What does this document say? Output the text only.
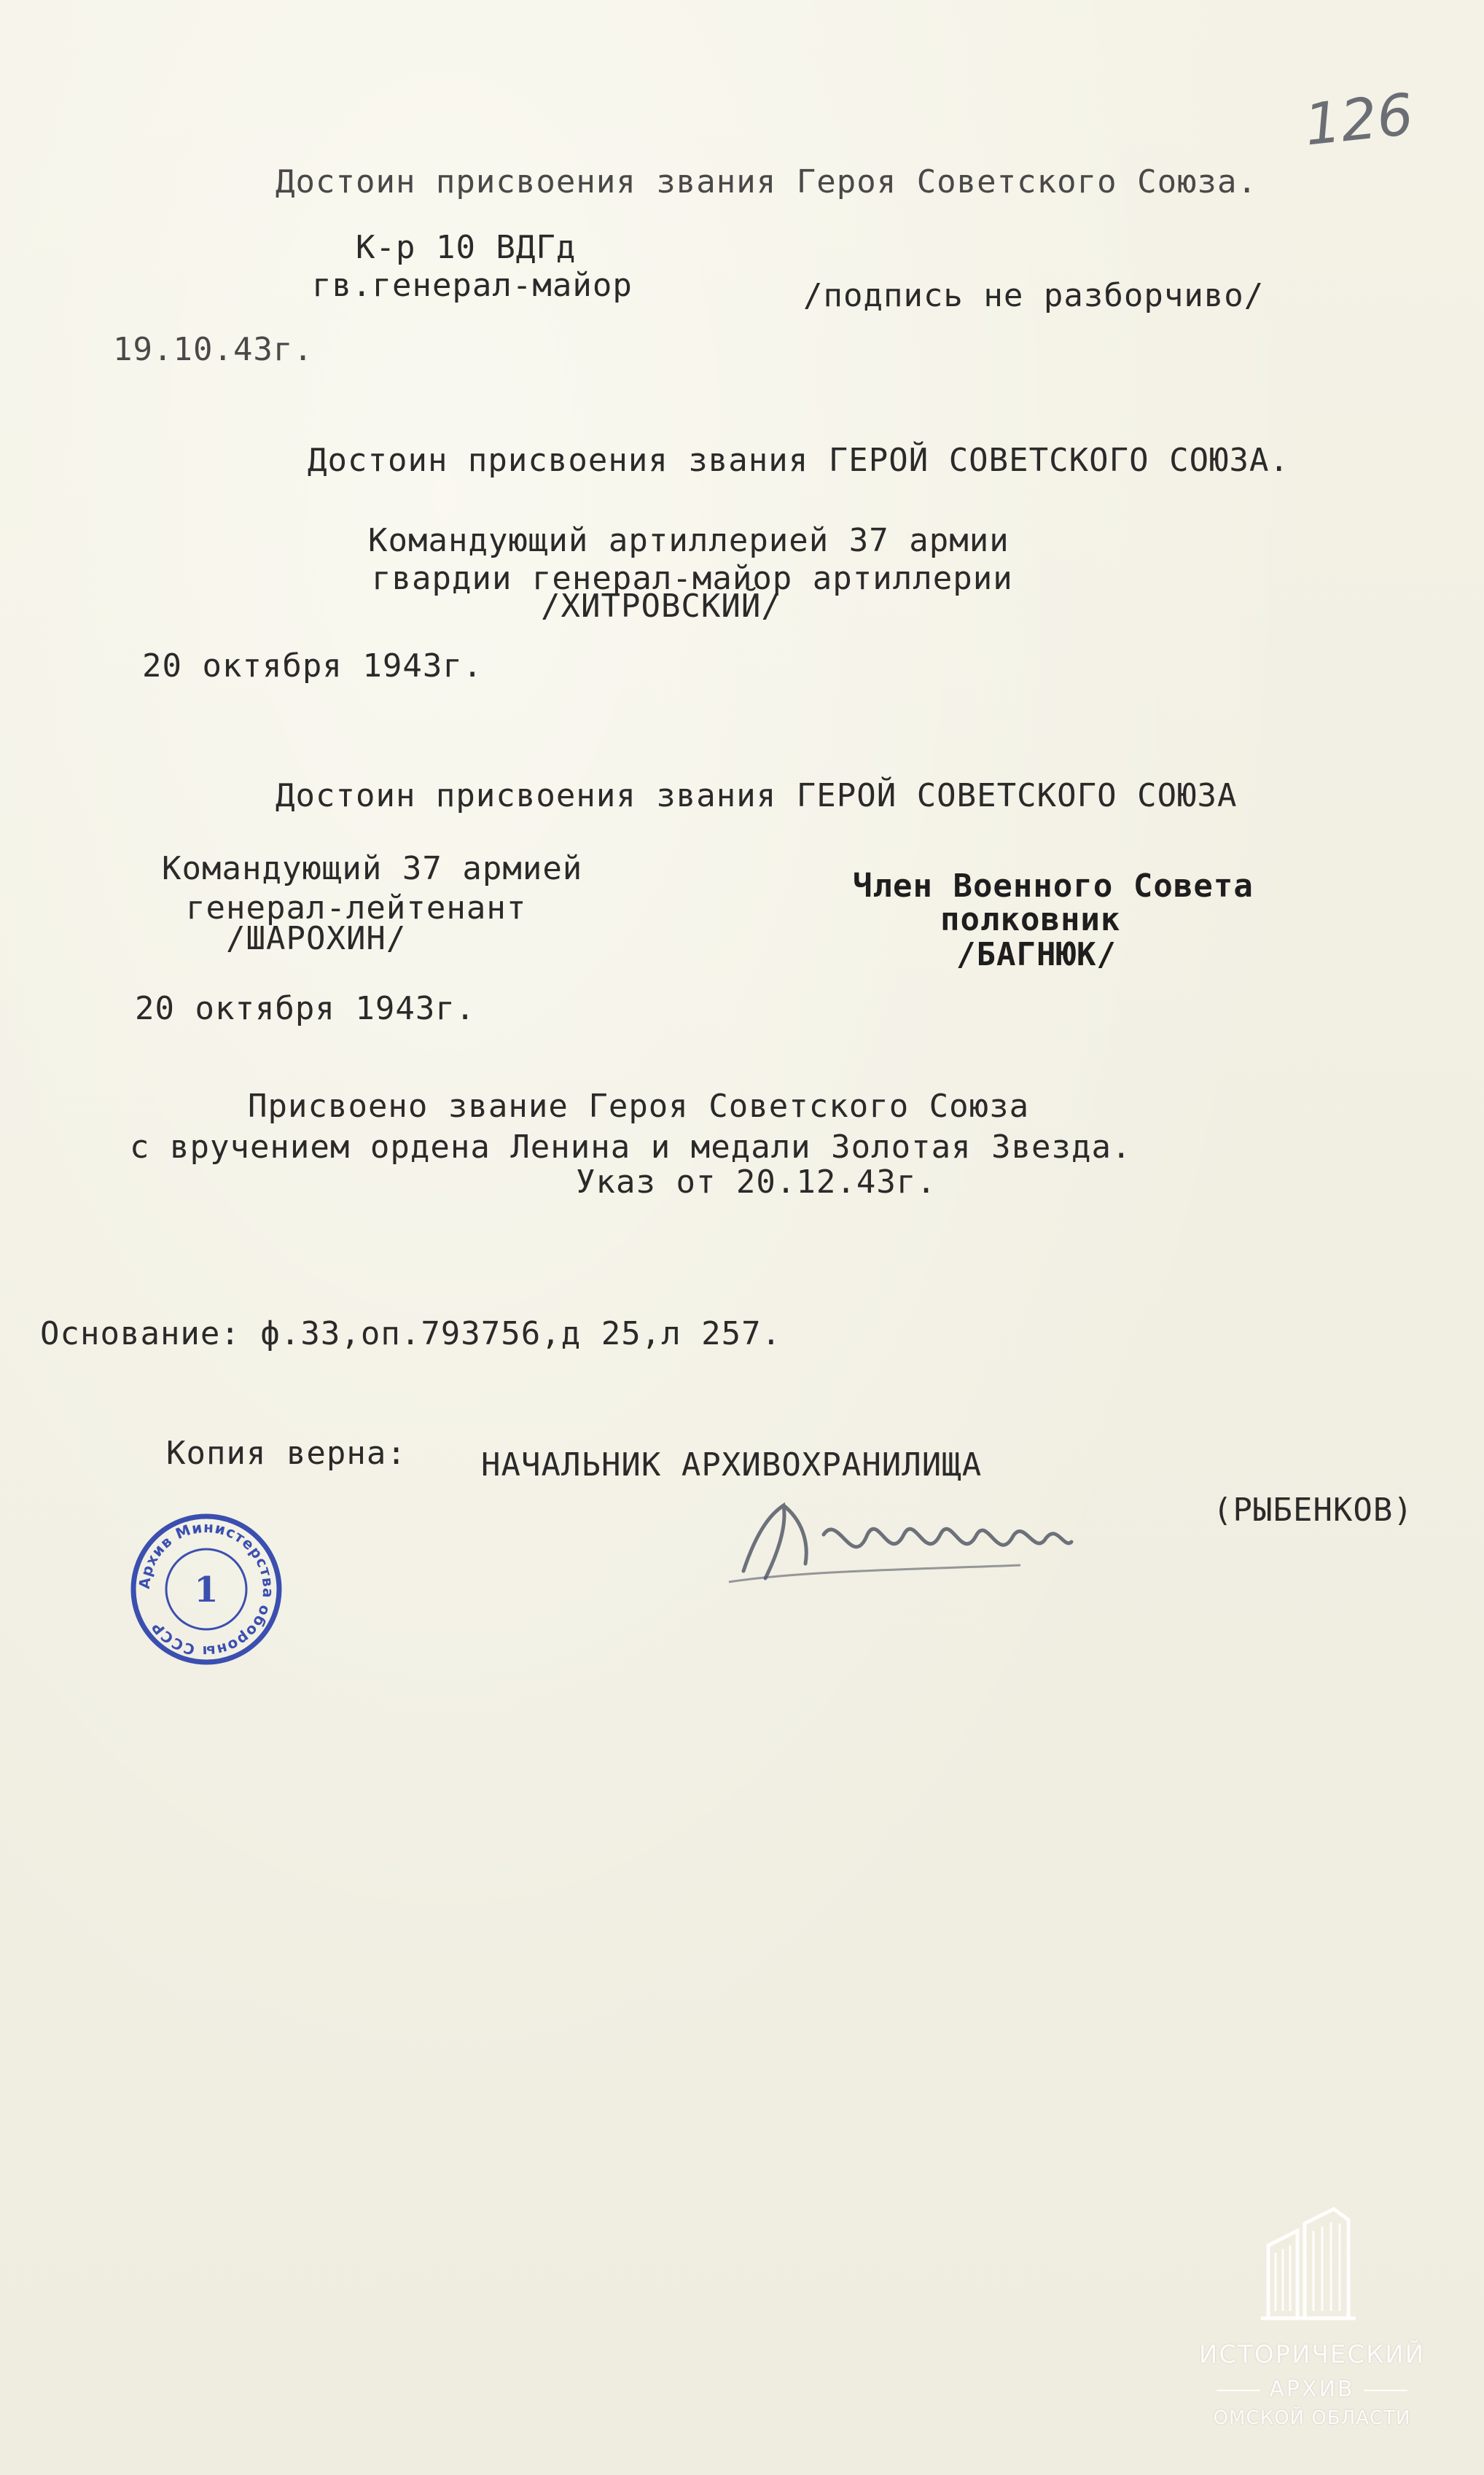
126
Достоин присвоения звания Героя Советского Союза.
К-р 10 ВДГд
гв.генерал-майор	/подпись не разборчиво/
19.10.43г.
Достоин присвоения звания ГЕРОЙ СОВЕТСКОГО СОЮЗА.
Командующий артиллерией 37 армии
гвардии генерал-майор артиллерии
/ХИТРОВСКИЙ/
20 октября 1943г.
Достоин присвоения звания ГЕРОЙ СОВЕТСКОГО СОЮЗА
Командующий 37 армией
генерал-лейтенант
/ШАРОХИН/
Член Военного Совета
полковник
/БАГНЮК/
20 октября 1943г.
Присвоено звание Героя Советского Союза
с вручением ордена Ленина и медали Золотая Звезда.
Указ от 20.12.43г.
Основание: ф.33,оп.793756,д 25,л 257.
Копия верна: НАЧАЛЬНИК АРХИВОХРАНИЛИЩА
(РЫБЕНКОВ)
Архив Министерства обороны СССР
1
ИСТОРИЧЕСКИЙ
АРХИВ
ОМСКОЙ ОБЛАСТИ
